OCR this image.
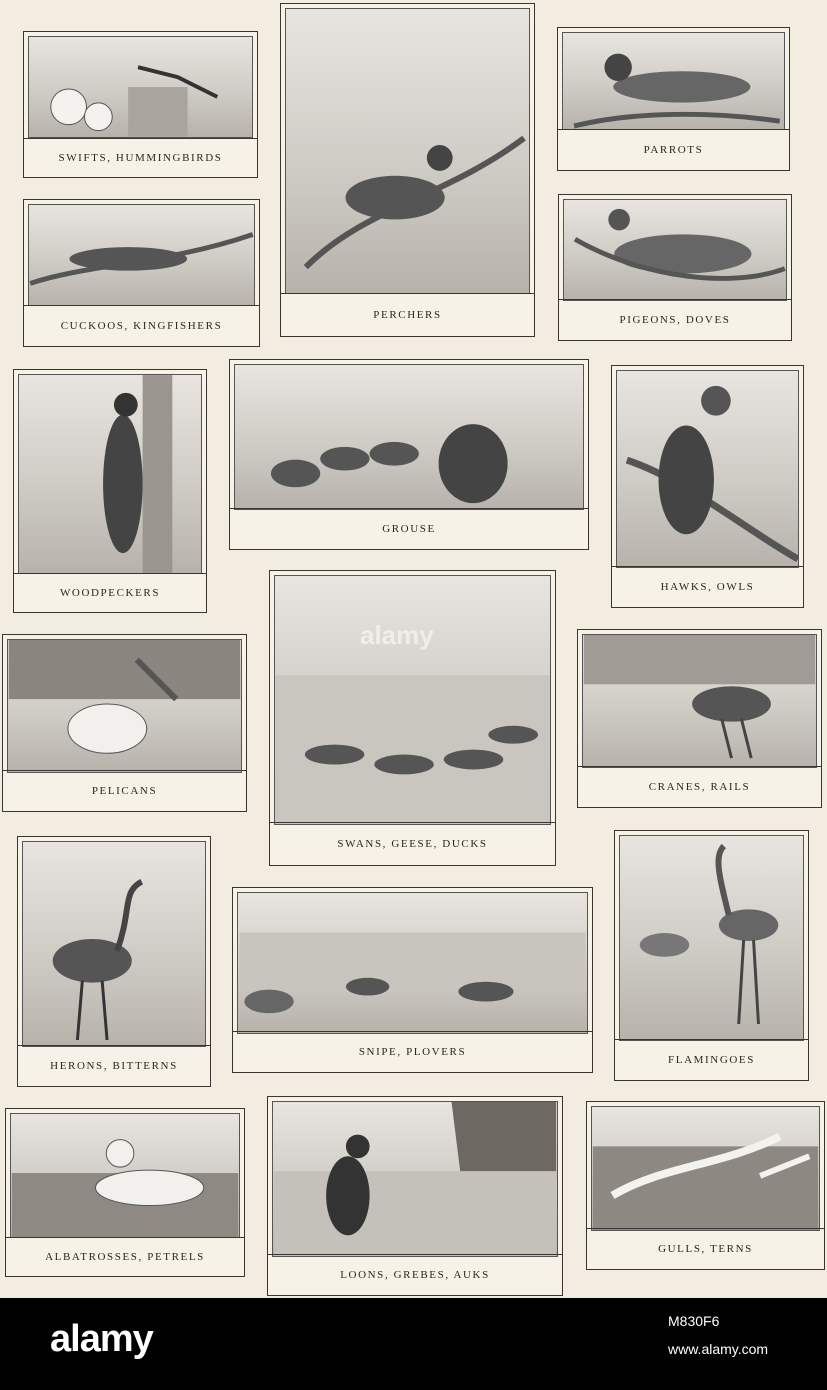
SWIFTS, HUMMINGBIRDS
PERCHERS
PARROTS
CUCKOOS, KINGFISHERS	PIGEONS, DOVES
WOODPECKERS
GROUSE
HAWKS, OWLS
PELICANS
SWANS, GEESE, DUCKS
CRANES, RAILS
HERONS, BITTERNS
SNIPE, PLOVERS
FLAMINGOES
ALBATROSSES, PETRELS
LOONS, GREBES, AUKS
GULLS, TERNS
alamy
alamy	M830F6
www.alamy.com
